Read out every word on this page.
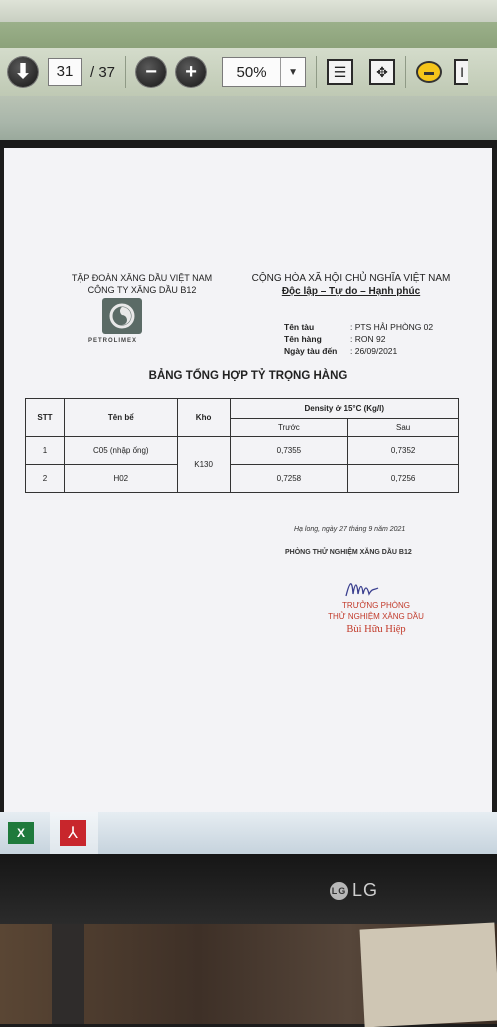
⬇	31	/ 37 − +	50%	▼	☰ ✥	▬ I
TẬP ĐOÀN XĂNG DẦU VIỆT NAM
CÔNG TY XĂNG DẦU B12
CỘNG HÒA XÃ HỘI CHỦ NGHĨA VIỆT NAM
Độc lập – Tự do – Hạnh phúc
PETROLIMEX
Tên tàu	: PTS HẢI PHÒNG 02
Tên hàng	: RON 92
Ngày tàu đến	: 26/09/2021
BẢNG TỔNG HỢP TỶ TRỌNG HÀNG
STT	Tên bể	Kho	Density ở 15°C (Kg/l)	
			Trước	Sau
1	C05 (nhập ống)	K130	0,7355	0,7352
2	H02		0,7258	0,7256
Hạ long, ngày 27 tháng 9 năm 2021
PHÒNG THỬ NGHIỆM XĂNG DẦU B12
TRƯỞNG PHÒNG
THỬ NGHIỆM XĂNG DẦU
Bùi Hữu Hiệp
X	⅄
LG LG
